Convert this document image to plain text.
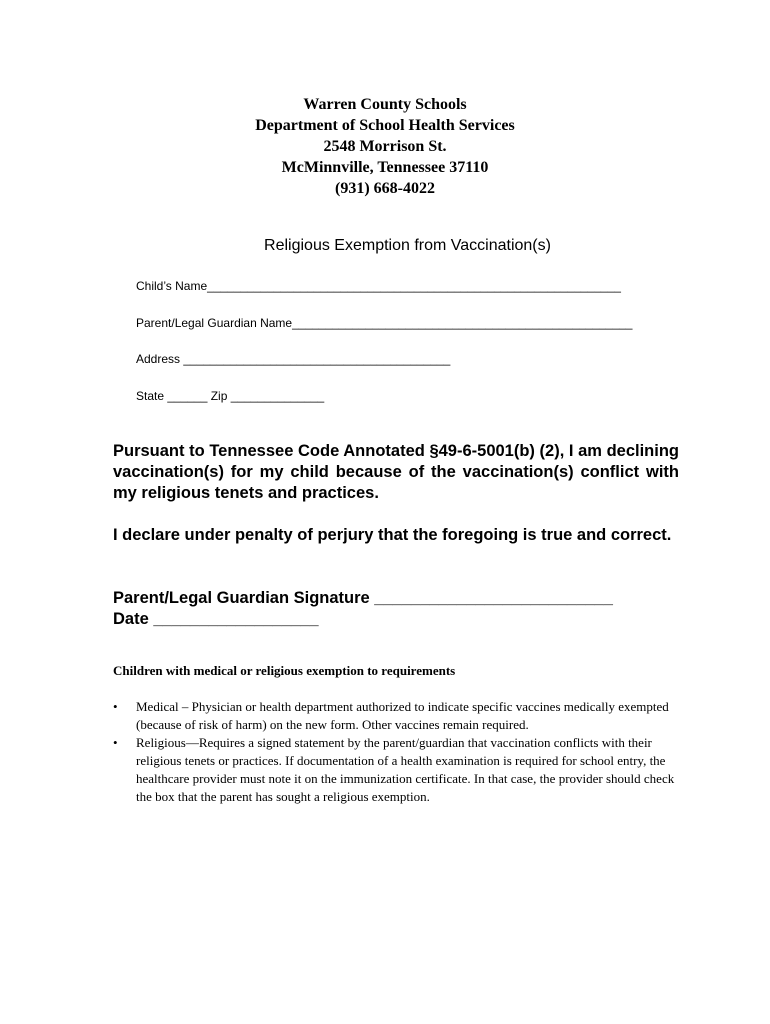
Warren County Schools
Department of School Health Services
2548 Morrison St.
McMinnville, Tennessee 37110
(931) 668-4022
Religious Exemption from Vaccination(s)
Child’s Name______________________________________________________________
Parent/Legal Guardian Name___________________________________________________
Address ________________________________________
State ______ Zip ______________
Pursuant to Tennessee Code Annotated §49-6-5001(b) (2), I am declining vaccination(s) for my child because of the vaccination(s) conflict with my religious tenets and practices.
I declare under penalty of perjury that the foregoing is true and correct.
Parent/Legal Guardian Signature __________________________
Date __________________
Children with medical or religious exemption to requirements
• Medical – Physician or health department authorized to indicate specific vaccines medically exempted (because of risk of harm) on the new form. Other vaccines remain required.
• Religious—Requires a signed statement by the parent/guardian that vaccination conflicts with their religious tenets or practices. If documentation of a health examination is required for school entry, the healthcare provider must note it on the immunization certificate. In that case, the provider should check the box that the parent has sought a religious exemption.
